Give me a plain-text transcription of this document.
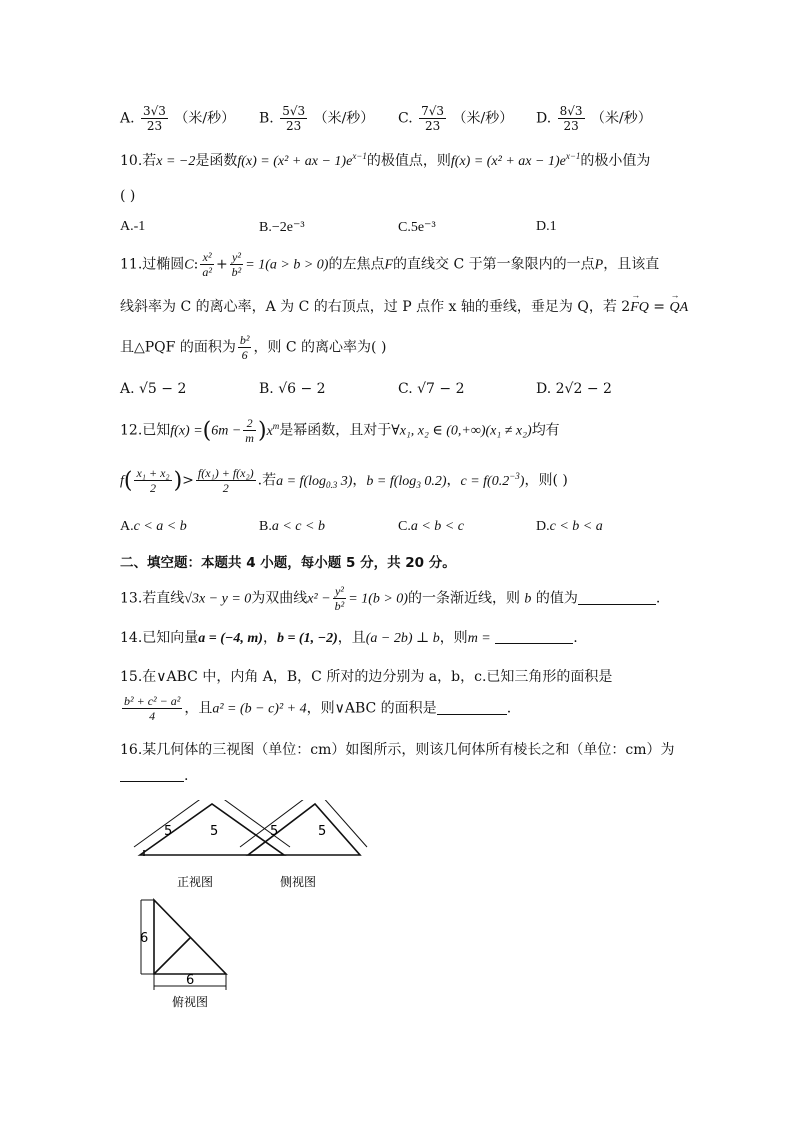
A. $\frac{3√3}{23}$ （米/秒） B. $\frac{5√3}{23}$ （米/秒） C. $\frac{7√3}{23}$ （米/秒） D. $\frac{8√3}{23}$ （米/秒）
10.若x = −2是函数f(x) = (x² + ax − $1)e^{x-1}$的极值点，则f(x) = (x² + ax − $1)e^{x-1}$的极小值为
( )
A.-1	B.−2e⁻³	C.5e⁻³	D.1
11.过椭圆C: $\frac{\text{x²}}{\text{a²}} + \frac{\text{y²}}{\text{b²}} = 1(a > b > 0)$的左焦点F的直线交 C 于第一象限内的一点P，且该直
线斜率为 C 的离心率，A 为 C 的右顶点，过 P 点作 x 轴的垂线，垂足为 Q，若 2→ FQ = → QA
且△PQF 的面积为 $\frac{\text{b²}}{6}$ ，则 C 的离心率为( )
A. √5 − 2	B. √6 − 2	C. √7 − 2	D. 2√2 − 2
12.已知$f(x) =(6m - \frac{2}{m} )x^m$是幂函数，且对于∀x₁, x₂ ∈ (0,+∞)(x₁ ≠ x₂)均有
$f( \frac{\text{x₁ + x₂}}{2}$ )> $\frac{\text{f(x₁) + f(x₂)}}{2}$ .若$a = f(\log_{0.3}$ 3)，$b = f(\log_3$ 0.2)，$c = f(0.2^{-3})$，则( )
A.c < a < b	B.a < c < b	C.a < b < c	D.c < b < a
二、填空题：本题共 4 小题，每小题 5 分，共 20 分。
13.若直线√3x − y = 0为双曲线$x^2 - \frac{\text{y²}}{\text{b²}} = 1(b > 0)$的一条渐近线，则 b 的值为	.
14.已知向量a = (−4, m)，b = (1, −2)，且(a − 2b) ⊥ b，则m =	.
15.在∨ABC 中，内角 A，B，C 所对的边分别为 a，b，c.已知三角形的面积是
$\frac{\text{b² + c² − a²}}{4}$ ，且a² = (b − c)² + 4，则∨ABC 的面积是	.
16.某几何体的三视图（单位：cm）如图所示，则该几何体所有棱长之和（单位：cm）为
.
5	5
正视图
5	5
侧视图
6
6
俯视图
